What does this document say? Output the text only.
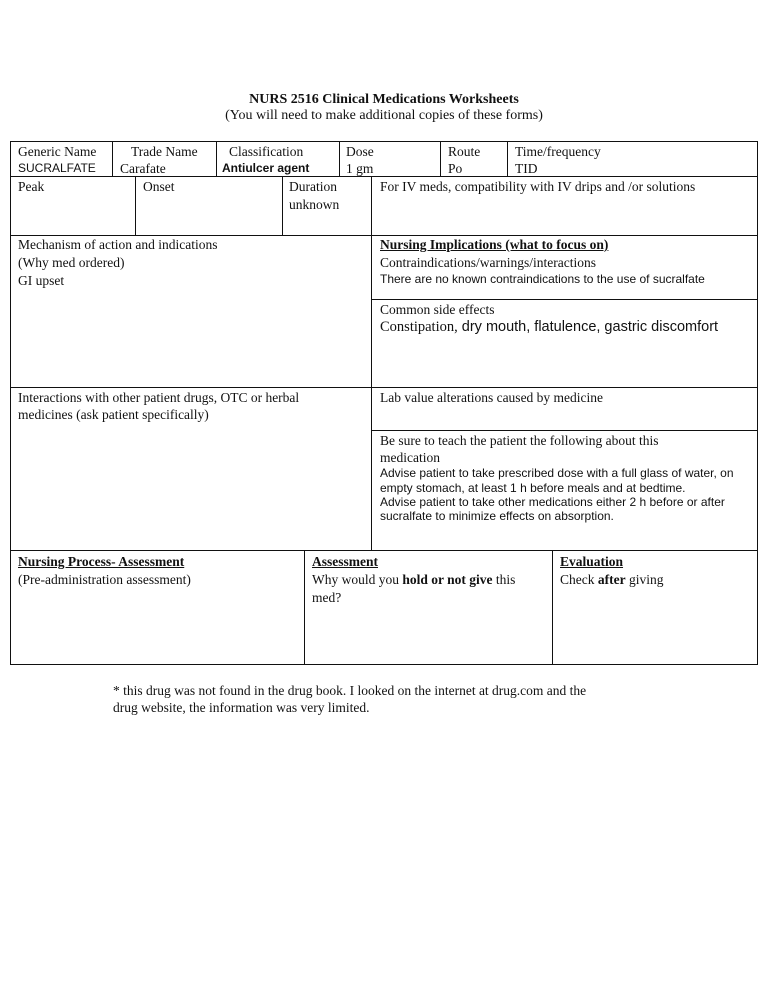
NURS 2516 Clinical Medications Worksheets
(You will need to make additional copies of these forms)
Generic Name
SUCRALFATE
Trade Name
Carafate
Classification
Antiulcer agent
Dose
1 gm
Route
Po
Time/frequency
TID
Peak	Onset	Duration
unknown
For IV meds, compatibility with IV drips and /or solutions
Mechanism of action and indications
(Why med ordered)
GI upset
Nursing Implications (what to focus on)
Contraindications/warnings/interactions
There are no known contraindications to the use of sucralfate
Common side effects
Constipation, dry mouth, flatulence, gastric discomfort
Interactions with other patient drugs, OTC or herbal
medicines (ask patient specifically)
Lab value alterations caused by medicine
Be sure to teach the patient the following about this
medication
Advise patient to take prescribed dose with a full glass of water, on
empty stomach, at least 1 h before meals and at bedtime.
Advise patient to take other medications either 2 h before or after
sucralfate to minimize effects on absorption.
Nursing Process- Assessment
(Pre-administration assessment)
Assessment
Why would you hold or not give this
med?
Evaluation
Check after giving
* this drug was not found in the drug book. I looked on the internet at drug.com and the
drug website, the information was very limited.
